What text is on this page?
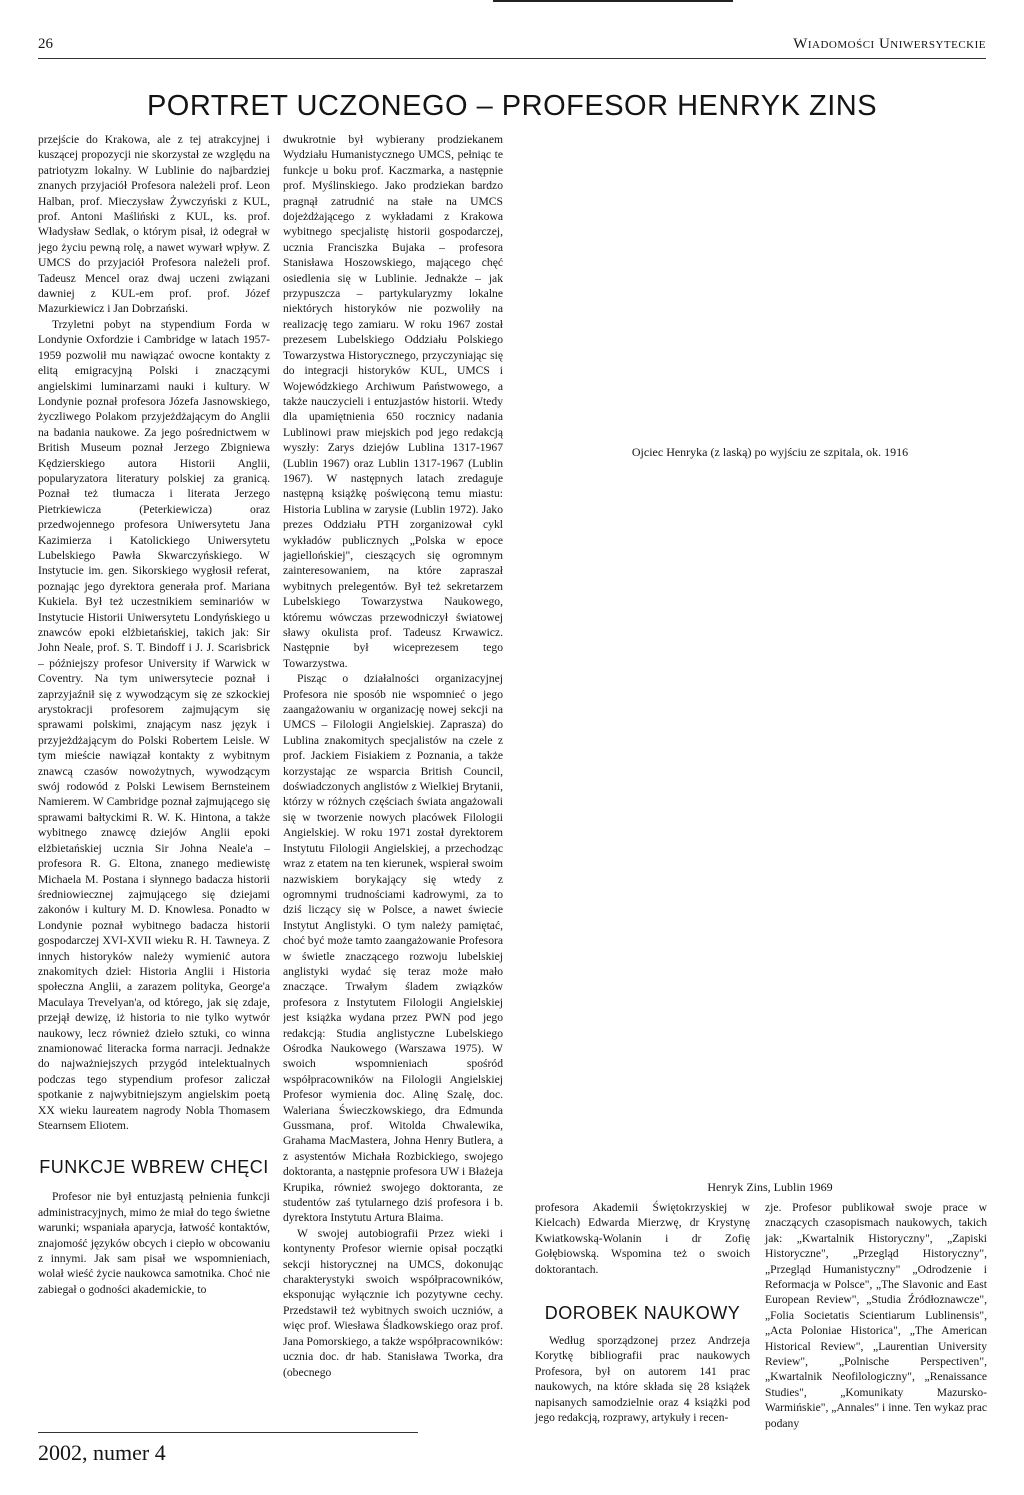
26	Wiadomości Uniwersyteckie
PORTRET UCZONEGO – PROFESOR HENRYK ZINS

przejście do Krakowa, ale z tej atrakcyjnej i kuszącej propozycji nie skorzystał ze względu na patriotyzm lokalny. W Lublinie do najbardziej znanych przyjaciół Profesora należeli prof. Leon Halban, prof. Mieczysław Żywczyński z KUL, prof. Antoni Maśliński z KUL, ks. prof. Władysław Sedlak, o którym pisał, iż odegrał w jego życiu pewną rolę, a nawet wywarł wpływ. Z UMCS do przyjaciół Profesora należeli prof. Tadeusz Mencel oraz dwaj uczeni związani dawniej z KUL-em prof. prof. Józef Mazurkiewicz i Jan Dobrzański.

Trzyletni pobyt na stypendium Forda w Londynie Oxfordzie i Cambridge w latach 1957-1959 pozwolił mu nawiązać owocne kontakty z elitą emigracyjną Polski i znaczącymi angielskimi luminarzami nauki i kultury. W Londynie poznał profesora Józefa Jasnowskiego, życzliwego Polakom przyjeżdżającym do Anglii na badania naukowe. Za jego pośrednictwem w British Museum poznał Jerzego Zbigniewa Kędzierskiego autora Historii Anglii, popularyzatora literatury polskiej za granicą. Poznał też tłumacza i literata Jerzego Pietrkiewicza (Peterkiewicza) oraz przedwojennego profesora Uniwersytetu Jana Kazimierza i Katolickiego Uniwersytetu Lubelskiego Pawła Skwarczyńskiego. W Instytucie im. gen. Sikorskiego wygłosił referat, poznając jego dyrektora generała prof. Mariana Kukiela. Był też uczestnikiem seminariów w Instytucie Historii Uniwersytetu Londyńskiego u znawców epoki elżbietańskiej, takich jak: Sir John Neale, prof. S. T. Bindoff i J. J. Scarisbrick – późniejszy profesor University if Warwick w Coventry. Na tym uniwersytecie poznał i zaprzyjaźnił się z wywodzącym się ze szkockiej arystokracji profesorem zajmującym się sprawami polskimi, znającym nasz język i przyjeżdżającym do Polski Robertem Leisle. W tym mieście nawiązał kontakty z wybitnym znawcą czasów nowożytnych, wywodzącym swój rodowód z Polski Lewisem Bernsteinem Namierem. W Cambridge poznał zajmującego się sprawami bałtyckimi R. W. K. Hintona, a także wybitnego znawcę dziejów Anglii epoki elżbietańskiej ucznia Sir Johna Neale'a – profesora R. G. Eltona, znanego mediewistę Michaela M. Postana i słynnego badacza historii średniowiecznej zajmującego się dziejami zakonów i kultury M. D. Knowlesa. Ponadto w Londynie poznał wybitnego badacza historii gospodarczej XVI-XVII wieku R. H. Tawneya. Z innych historyków należy wymienić autora znakomitych dzieł: Historia Anglii i Historia społeczna Anglii, a zarazem polityka, George'a Maculaya Trevelyan'a, od którego, jak się zdaje, przejął dewizę, iż historia to nie tylko wytwór naukowy, lecz również dzieło sztuki, co winna znamionować literacka forma narracji. Jednakże do najważniejszych przygód intelektualnych podczas tego stypendium profesor zaliczał spotkanie z najwybitniejszym angielskim poetą XX wieku laureatem nagrody Nobla Thomasem Stearnsem Eliotem.

FUNKCJE WBREW CHĘCI

Profesor nie był entuzjastą pełnienia funkcji administracyjnych, mimo że miał do tego świetne warunki; wspaniała aparycja, łatwość kontaktów, znajomość języków obcych i ciepło w obcowaniu z innymi. Jak sam pisał we wspomnieniach, wolał wieść życie naukowca samotnika. Choć nie zabiegał o godności akademickie, to

dwukrotnie był wybierany prodziekanem Wydziału Humanistycznego UMCS, pełniąc te funkcje u boku prof. Kaczmarka, a następnie prof. Myślinskiego. Jako prodziekan bardzo pragnął zatrudnić na stałe na UMCS dojeżdżającego z wykładami z Krakowa wybitnego specjalistę historii gospodarczej, ucznia Franciszka Bujaka – profesora Stanisława Hoszowskiego, mającego chęć osiedlenia się w Lublinie. Jednakże – jak przypuszcza – partykularyzmy lokalne niektórych historyków nie pozwoliły na realizację tego zamiaru. W roku 1967 został prezesem Lubelskiego Oddziału Polskiego Towarzystwa Historycznego, przyczyniając się do integracji historyków KUL, UMCS i Wojewódzkiego Archiwum Państwowego, a także nauczycieli i entuzjastów historii. Wtedy dla upamiętnienia 650 rocznicy nadania Lublinowi praw miejskich pod jego redakcją wyszły: Zarys dziejów Lublina 1317-1967 (Lublin 1967) oraz Lublin 1317-1967 (Lublin 1967). W następnych latach zredaguje następną książkę poświęconą temu miastu: Historia Lublina w zarysie (Lublin 1972). Jako prezes Oddziału PTH zorganizował cykl wykładów publicznych „Polska w epoce jagiellońskiej", cieszących się ogromnym zainteresowaniem, na które zapraszał wybitnych prelegentów. Był też sekretarzem Lubelskiego Towarzystwa Naukowego, któremu wówczas przewodniczył światowej sławy okulista prof. Tadeusz Krwawicz. Następnie był wiceprezesem tego Towarzystwa.

Pisząc o działalności organizacyjnej Profesora nie sposób nie wspomnieć o jego zaangażowaniu w organizację nowej sekcji na UMCS – Filologii Angielskiej. Zaprasza) do Lublina znakomitych specjalistów na czele z prof. Jackiem Fisiakiem z Poznania, a także korzystając ze wsparcia British Council, doświadczonych anglistów z Wielkiej Brytanii, którzy w różnych częściach świata angażowali się w tworzenie nowych placówek Filologii Angielskiej. W roku 1971 został dyrektorem Instytutu Filologii Angielskiej, a przechodząc wraz z etatem na ten kierunek, wspierał swoim nazwiskiem borykający się wtedy z ogromnymi trudnościami kadrowymi, za to dziś liczący się w Polsce, a nawet świecie Instytut Anglistyki. O tym należy pamiętać, choć być może tamto zaangażowanie Profesora w świetle znaczącego rozwoju lubelskiej anglistyki wydać się teraz może mało znaczące. Trwałym śladem związków profesora z Instytutem Filologii Angielskiej jest książka wydana przez PWN pod jego redakcją: Studia anglistyczne Lubelskiego Ośrodka Naukowego (Warszawa 1975). W swoich wspomnieniach spośród współpracowników na Filologii Angielskiej Profesor wymienia doc. Alinę Szalę, doc. Waleriana Świeczkowskiego, dra Edmunda Gussmana, prof. Witolda Chwalewika, Grahama MacMastera, Johna Henry Butlera, a z asystentów Michała Rozbickiego, swojego doktoranta, a następnie profesora UW i Błażeja Krupika, również swojego doktoranta, ze studentów zaś tytularnego dziś profesora i b. dyrektora Instytutu Artura Blaima.

W swojej autobiografii Przez wieki i kontynenty Profesor wiernie opisał początki sekcji historycznej na UMCS, dokonując charakterystyki swoich współpracowników, eksponując wyłącznie ich pozytywne cechy. Przedstawił też wybitnych swoich uczniów, a więc prof. Wiesława Śladkowskiego oraz prof. Jana Pomorskiego, a także współpracowników: ucznia doc. dr hab. Stanisława Tworka, dra (obecnego

Ojciec Henryka (z laską) po wyjściu ze szpitala, ok. 1916
Henryk Zins, Lublin 1969

profesora Akademii Świętokrzyskiej w Kielcach) Edwarda Mierzwę, dr Krystynę Kwiatkowską-Wolanin i dr Zofię Gołębiowską. Wspomina też o swoich doktorantach.

DOROBEK NAUKOWY

Według sporządzonej przez Andrzeja Korytkę bibliografii prac naukowych Profesora, był on autorem 141 prac naukowych, na które składa się 28 książek napisanych samodzielnie oraz 4 książki pod jego redakcją, rozprawy, artykuły i recen-

zje. Profesor publikował swoje prace w znaczących czasopismach naukowych, takich jak: „Kwartalnik Historyczny", „Zapiski Historyczne", „Przegląd Historyczny", „Przegląd Humanistyczny" „Odrodzenie i Reformacja w Polsce", „The Slavonic and East European Review", „Studia Źródłoznawcze", „Folia Societatis Scientiarum Lublinensis", „Acta Poloniae Historica", „The American Historical Review", „Laurentian University Review", „Polnische Perspectiven", „Kwartalnik Neofilologiczny", „Renaissance Studies", „Komunikaty Mazursko-Warmińskie", „Annales" i inne. Ten wykaz prac podany

2002, numer 4
